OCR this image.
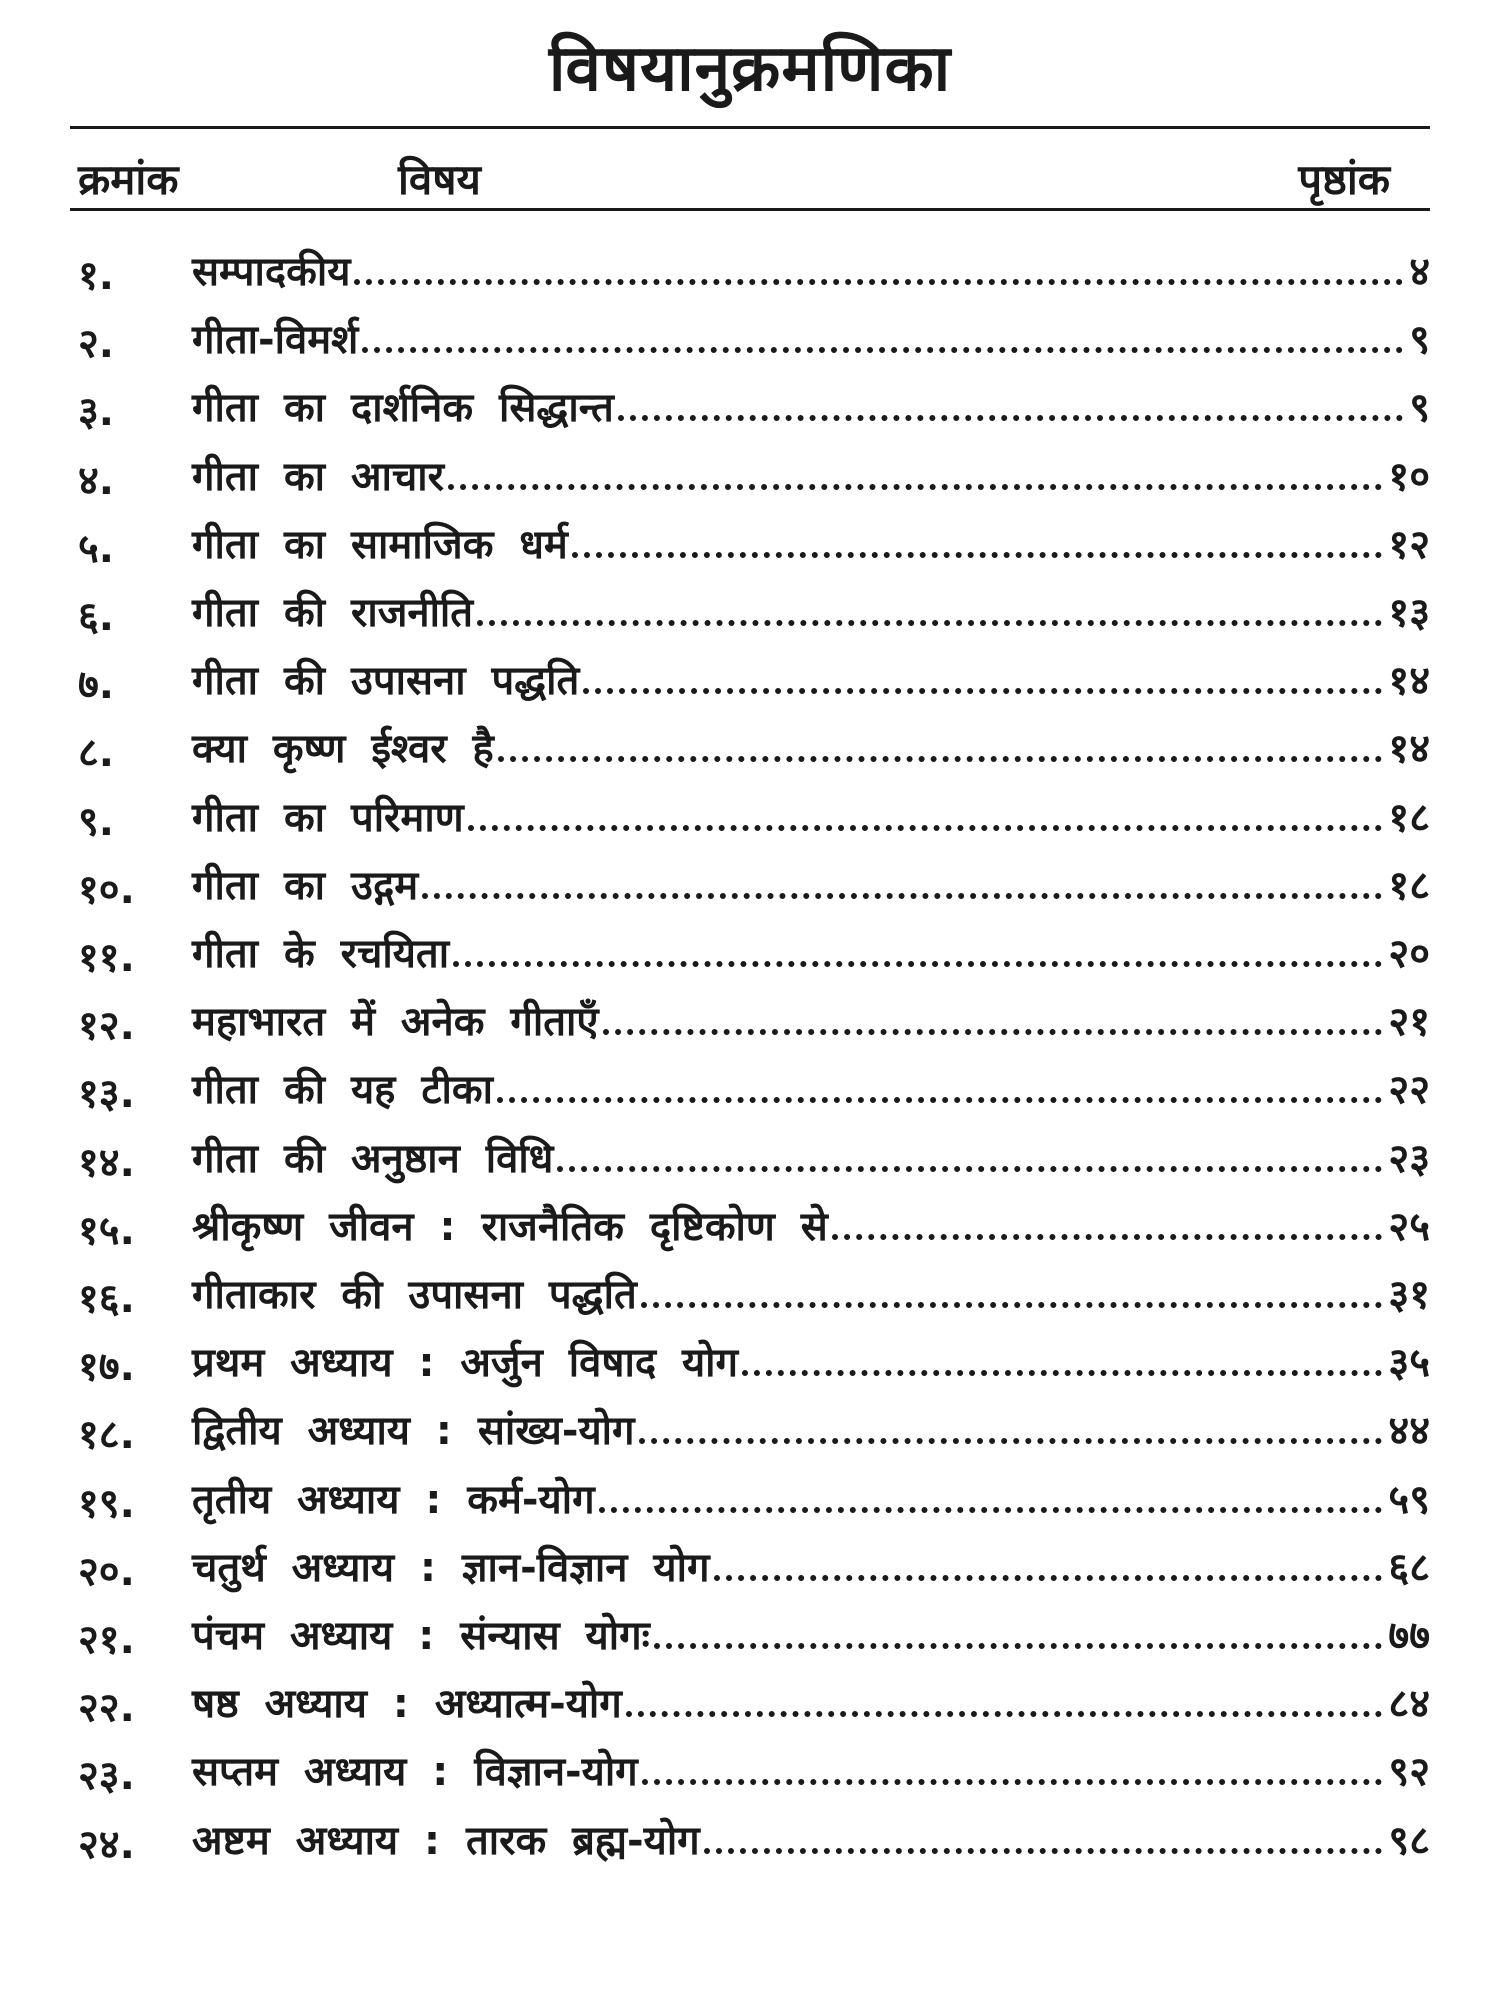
विषयानुक्रमणिका
क्रमांक	विषय	पृष्ठांक
१. सम्पादकीय	४
२. गीता-विमर्श	९
३. गीता का दार्शनिक सिद्धान्त	९
४. गीता का आचार	१०
५. गीता का सामाजिक धर्म	१२
६. गीता की राजनीति	१३
७. गीता की उपासना पद्धति	१४
८. क्या कृष्ण ईश्वर है	१४
९. गीता का परिमाण	१८
१०. गीता का उद्गम	१८
११. गीता के रचयिता	२०
१२. महाभारत में अनेक गीताएँ	२१
१३. गीता की यह टीका	२२
१४. गीता की अनुष्ठान विधि	२३
१५. श्रीकृष्ण जीवन : राजनैतिक दृष्टिकोण से	२५
१६. गीताकार की उपासना पद्धति	३१
१७. प्रथम अध्याय : अर्जुन विषाद योग	३५
१८. द्वितीय अध्याय : सांख्य-योग	४४
१९. तृतीय अध्याय : कर्म-योग	५९
२०. चतुर्थ अध्याय : ज्ञान-विज्ञान योग	६८
२१. पंचम अध्याय : संन्यास योगः	७७
२२. षष्ठ अध्याय : अध्यात्म-योग	८४
२३. सप्तम अध्याय : विज्ञान-योग	९२
२४. अष्टम अध्याय : तारक ब्रह्म-योग	९८
